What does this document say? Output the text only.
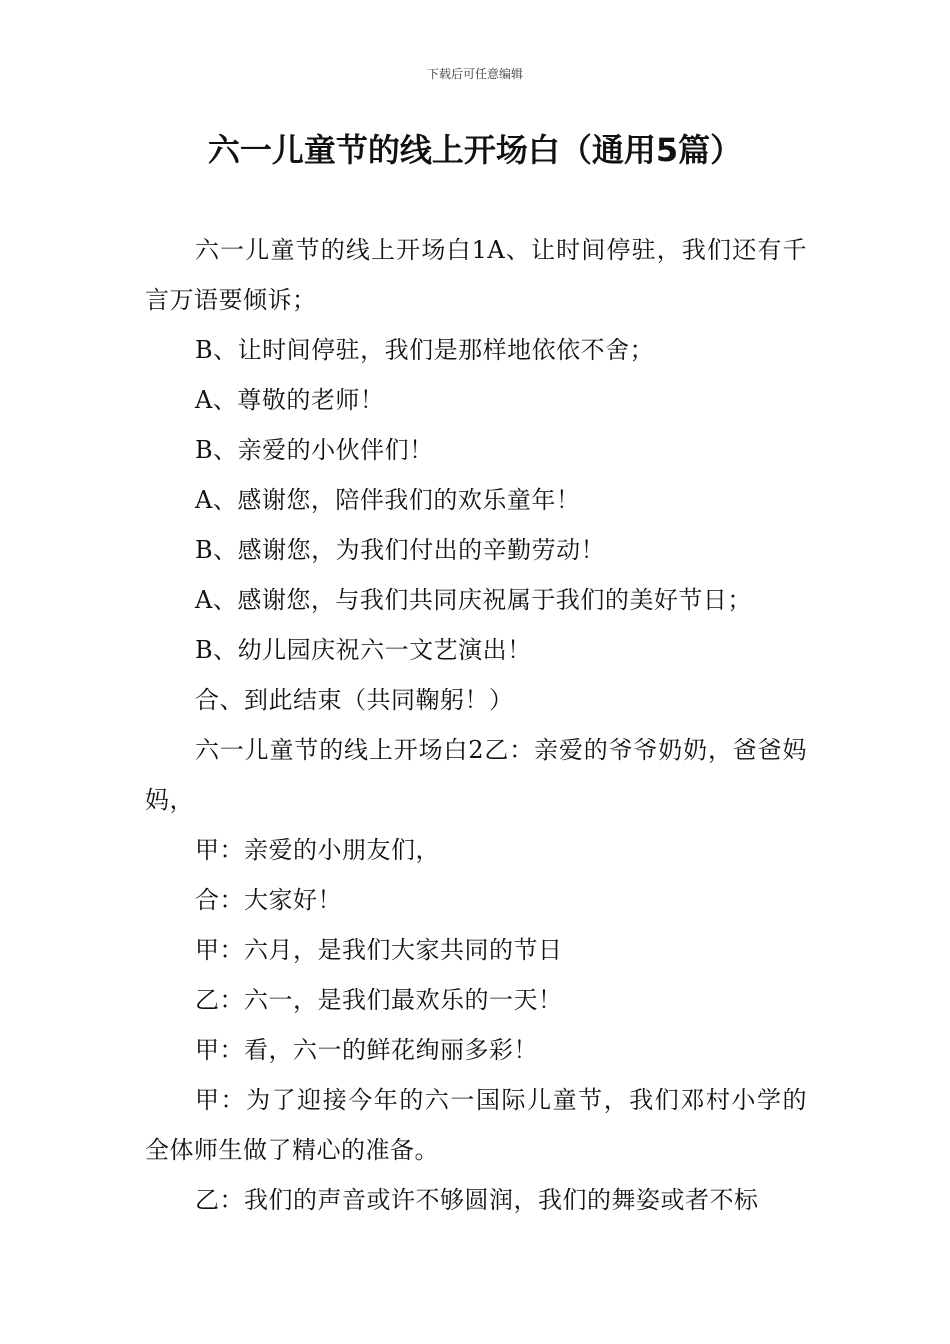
下载后可任意编辑
六一儿童节的线上开场白（通用5篇）

六一儿童节的线上开场白1A、让时间停驻，我们还有千言万语要倾诉；

B、让时间停驻，我们是那样地依依不舍；

A、尊敬的老师！

B、亲爱的小伙伴们！

A、感谢您，陪伴我们的欢乐童年！

B、感谢您，为我们付出的辛勤劳动！

A、感谢您，与我们共同庆祝属于我们的美好节日；

B、幼儿园庆祝六一文艺演出！

合、到此结束（共同鞠躬！）

六一儿童节的线上开场白2乙：亲爱的爷爷奶奶，爸爸妈妈，

甲：亲爱的小朋友们，

合：大家好！

甲：六月，是我们大家共同的节日

乙：六一，是我们最欢乐的一天！

甲：看，六一的鲜花绚丽多彩！

甲：为了迎接今年的六一国际儿童节，我们邓村小学的全体师生做了精心的准备。

乙：我们的声音或许不够圆润，我们的舞姿或者不标
